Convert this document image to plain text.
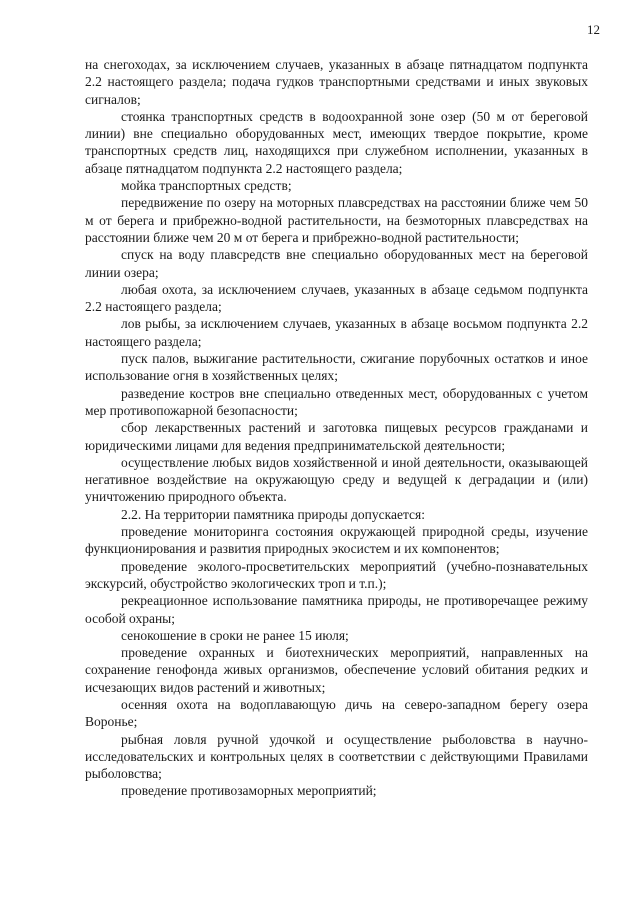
12

на снегоходах, за исключением случаев, указанных в абзаце пятнадцатом подпункта 2.2 настоящего раздела; подача гудков транспортными средствами и иных звуковых сигналов;

стоянка транспортных средств в водоохранной зоне озер (50 м от береговой линии) вне специально оборудованных мест, имеющих твердое покрытие, кроме транспортных средств лиц, находящихся при служебном исполнении, указанных в абзаце пятнадцатом подпункта 2.2 настоящего раздела;

мойка транспортных средств;

передвижение по озеру на моторных плавсредствах на расстоянии ближе чем 50 м от берега и прибрежно-водной растительности, на безмоторных плавсредствах на расстоянии ближе чем 20 м от берега и прибрежно-водной растительности;

спуск на воду плавсредств вне специально оборудованных мест на береговой линии озера;

любая охота, за исключением случаев, указанных в абзаце седьмом подпункта 2.2 настоящего раздела;

лов рыбы, за исключением случаев, указанных в абзаце восьмом подпункта 2.2 настоящего раздела;

пуск палов, выжигание растительности, сжигание порубочных остатков и иное использование огня в хозяйственных целях;

разведение костров вне специально отведенных мест, оборудованных с учетом мер противопожарной безопасности;

сбор лекарственных растений и заготовка пищевых ресурсов гражданами и юридическими лицами для ведения предпринимательской деятельности;

осуществление любых видов хозяйственной и иной деятельности, оказывающей негативное воздействие на окружающую среду и ведущей к деградации и (или) уничтожению природного объекта.

2.2. На территории памятника природы допускается:

проведение мониторинга состояния окружающей природной среды, изучение функционирования и развития природных экосистем и их компонентов;

проведение эколого-просветительских мероприятий (учебно-познавательных экскурсий, обустройство экологических троп и т.п.);

рекреационное использование памятника природы, не противоречащее режиму особой охраны;

сенокошение в сроки не ранее 15 июля;

проведение охранных и биотехнических мероприятий, направленных на сохранение генофонда живых организмов, обеспечение условий обитания редких и исчезающих видов растений и животных;

осенняя охота на водоплавающую дичь на северо-западном берегу озера Воронье;

рыбная ловля ручной удочкой и осуществление рыболовства в научно-исследовательских и контрольных целях в соответствии с действующими Правилами рыболовства;

проведение противозаморных мероприятий;
